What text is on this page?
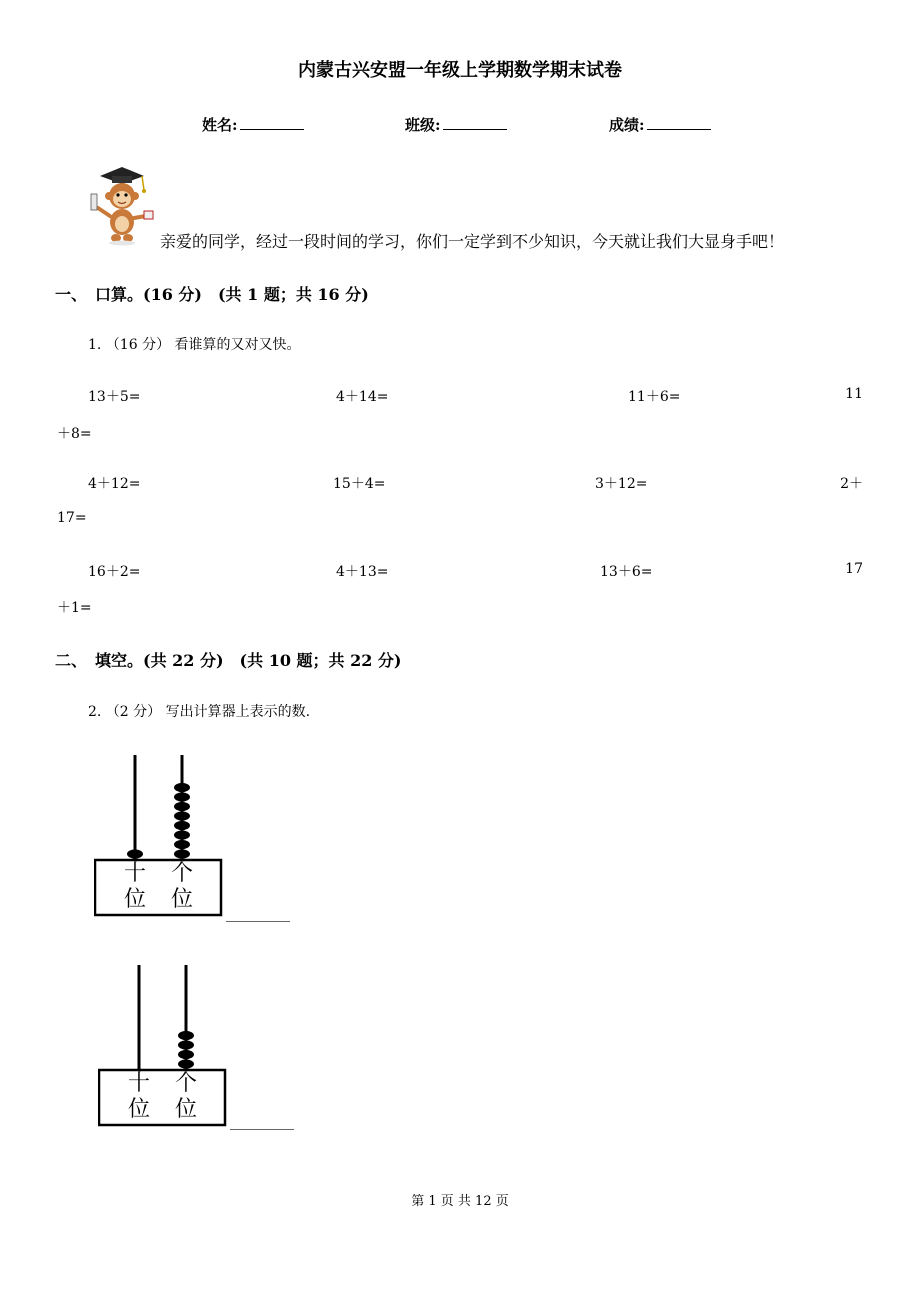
内蒙古兴安盟一年级上学期数学期末试卷
姓名:	班级:	成绩:
亲爱的同学，经过一段时间的学习，你们一定学到不少知识，今天就让我们大显身手吧！
一、　口算。(16 分)　(共 1 题；共 16 分)
1. （16 分） 看谁算的又对又快。
13＋5=	4＋14=	11＋6=	11
＋8=
4＋12=	15＋4=	3＋12=	2＋
17=
16＋2=	4＋13=	13＋6=	17
＋1=
二、　填空。(共 22 分)　(共 10 题；共 22 分)
2. （2 分） 写出计算器上表示的数.
十
位
个
位
十
位
个
位
第 1 页 共 12 页
